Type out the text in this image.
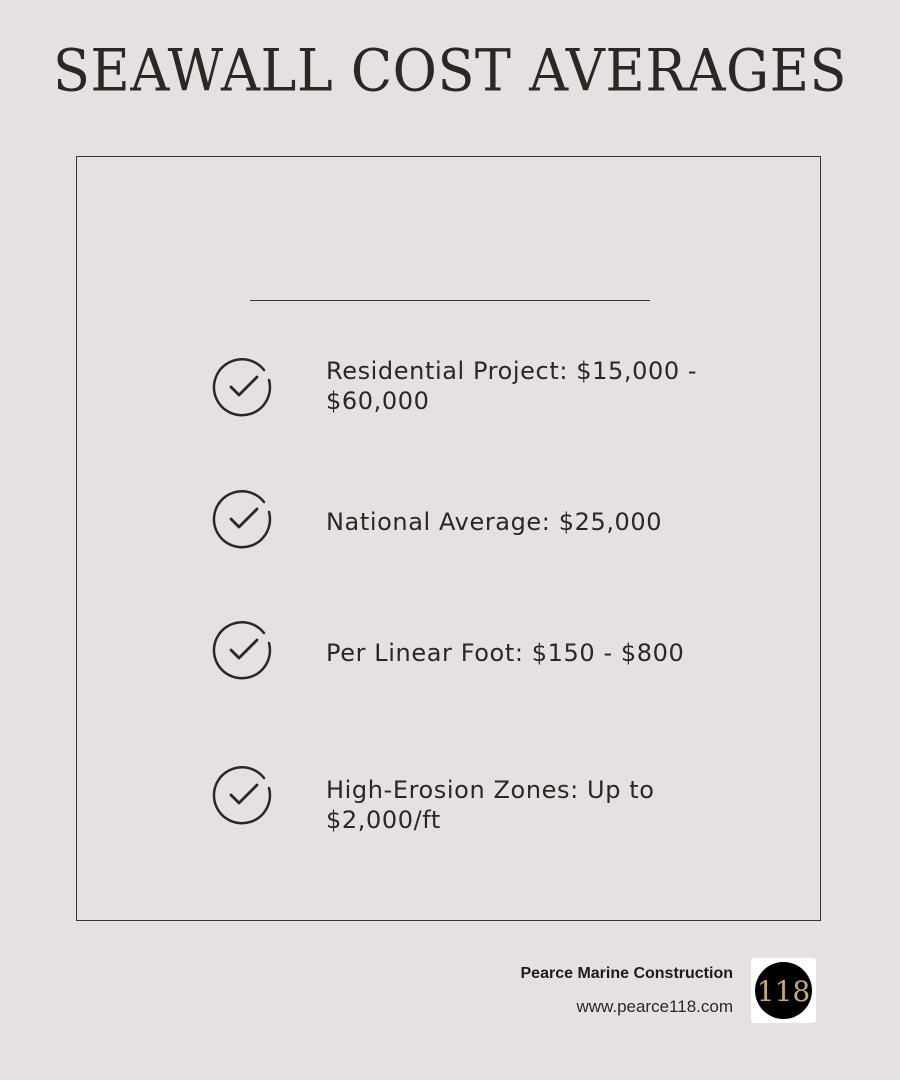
SEAWALL COST AVERAGES
Residential Project: $15,000 - $60,000
National Average: $25,000
Per Linear Foot: $150 - $800
High-Erosion Zones: Up to $2,000/ft
Pearce Marine Construction
www.pearce118.com 118
